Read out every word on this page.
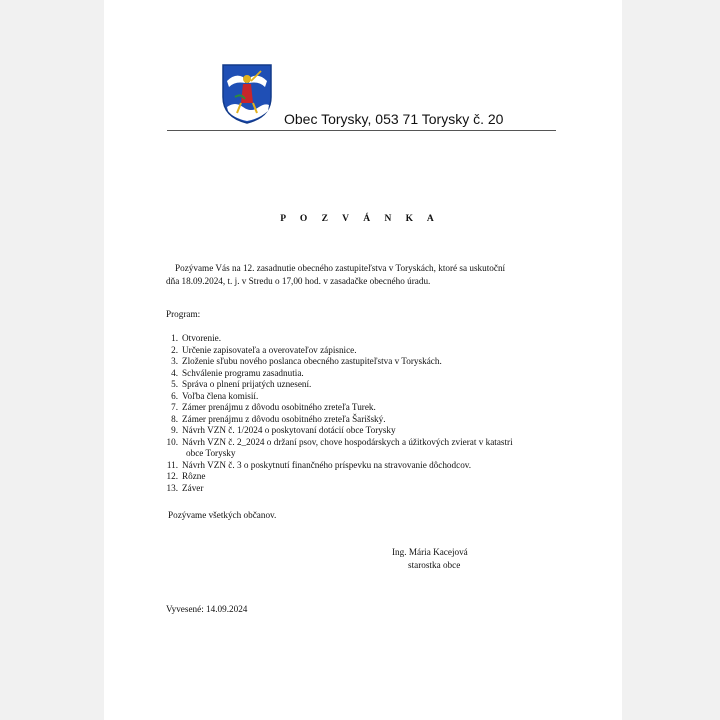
Obec Torysky, 053 71 Torysky č. 20
P O Z V Á N K A
Pozývame Vás na 12. zasadnutie obecného zastupiteľstva v Toryskách, ktoré sa uskutoční
dňa 18.09.2024, t. j. v Stredu o 17,00 hod. v zasadačke obecného úradu.
Program:
1. Otvorenie.
2. Určenie zapisovateľa a overovateľov zápisnice.
3. Zloženie sľubu nového poslanca obecného zastupiteľstva v Toryskách.
4. Schválenie programu zasadnutia.
5. Správa o plnení prijatých uznesení.
6. Voľba člena komisií.
7. Zámer prenájmu z dôvodu osobitného zreteľa Turek.
8. Zámer prenájmu z dôvodu osobitného zreteľa Šarišský.
9. Návrh VZN č. 1/2024 o poskytovaní dotácií obce Torysky
10. Návrh VZN č. 2_2024 o držaní psov, chove hospodárskych a úžitkových zvierat v katastri
obce Torysky
11. Návrh VZN č. 3 o poskytnutí finančného príspevku na stravovanie dôchodcov.
12. Rôzne
13. Záver
Pozývame všetkých občanov.
Ing. Mária Kacejová
starostka obce
Vyvesené: 14.09.2024
